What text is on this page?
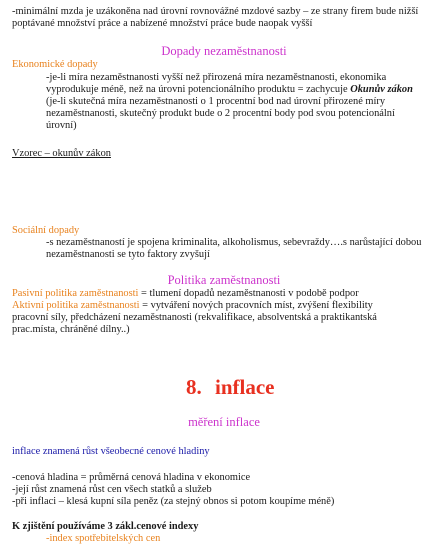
-minimální mzda je uzákoněna nad úrovní rovnovážné mzdové sazby – ze strany firem bude nižší
poptávané množství práce a nabízené množství práce bude naopak vyšší
Dopady nezaměstnanosti
Ekonomické dopady
-je-li míra nezaměstnanosti vyšší než přirozená míra nezaměstnanosti, ekonomika
vyprodukuje méně, než na úrovni potencionálního produktu = zachycuje Okunův zákon
(je-li skutečná míra nezaměstnanosti o 1 procentní bod nad úrovní přirozené míry
nezaměstnanosti, skutečný produkt bude o 2 procentní body pod svou potencionální
úrovní)
Vzorec – okunův zákon
Sociální dopady
-s nezaměstnaností je spojena kriminalita, alkoholismus, sebevraždy….s narůstající dobou
nezaměstnanosti se tyto faktory zvyšují
Politika zaměstnanosti
Pasivní politika zaměstnanosti = tlumení dopadů nezaměstnanosti v podobě podpor
Aktivní politika zaměstnanosti = vytváření nových pracovních míst, zvýšení flexibility
pracovní síly, předcházení nezaměstnanosti (rekvalifikace, absolventská a praktikantská
prac.místa, chráněné dílny..)
8. inflace
měření inflace
inflace znamená růst všeobecné cenové hladiny
-cenová hladina = průměrná cenová hladina v ekonomice
-její růst znamená růst cen všech statků a služeb
-při inflaci – klesá kupní síla peněz (za stejný obnos si potom koupíme méně)
K zjištění používáme 3 zákl.cenové indexy
-index spotřebitelských cen
